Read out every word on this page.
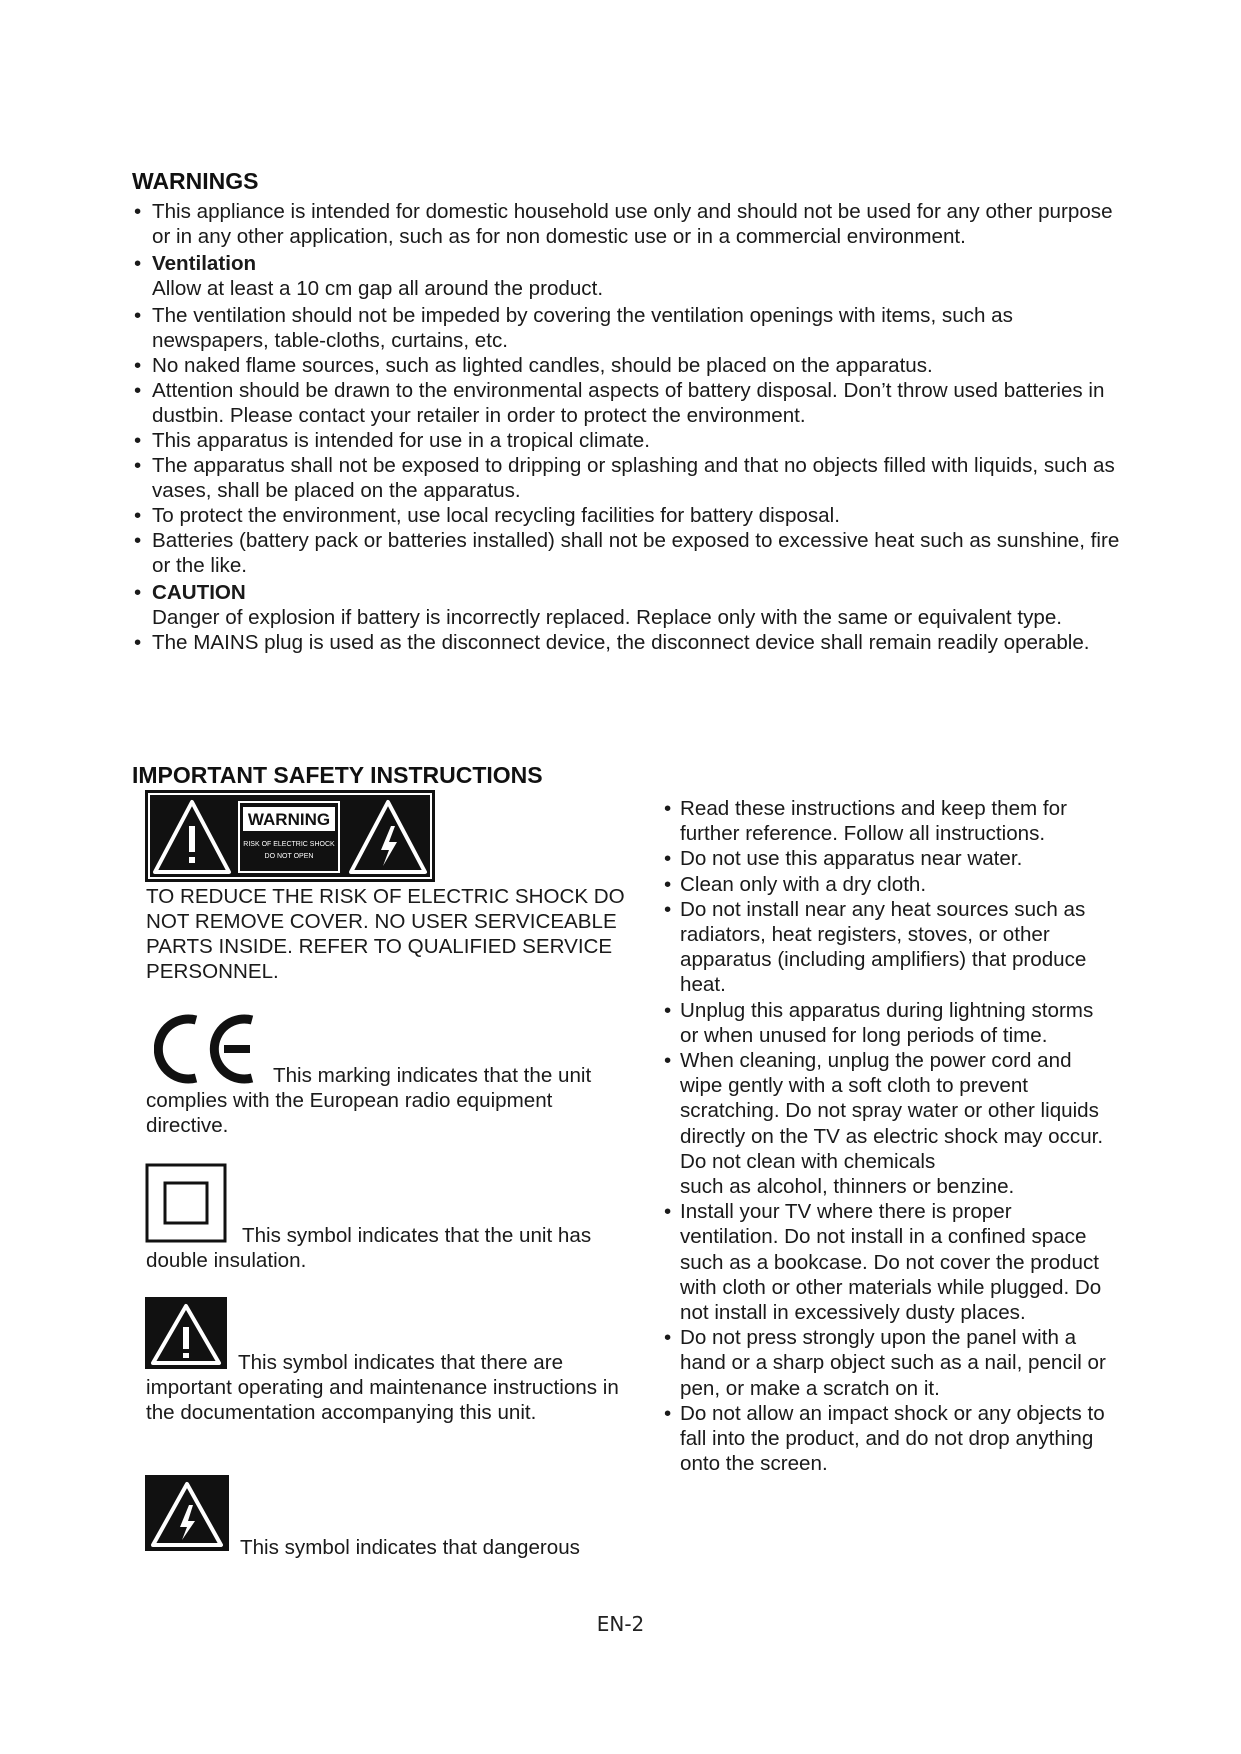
WARNINGS

• This appliance is intended for domestic household use only and should not be used for any other purpose or in any other application, such as for non domestic use or in a commercial environment.

• Ventilation

Allow at least a 10 cm gap all around the product.

• The ventilation should not be impeded by covering the ventilation openings with items, such as newspapers, table-cloths, curtains, etc.

• No naked flame sources, such as lighted candles, should be placed on the apparatus.

• Attention should be drawn to the environmental aspects of battery disposal. Don’t throw used batteries in dustbin. Please contact your retailer in order to protect the environment.

• This apparatus is intended for use in a tropical climate.

• The apparatus shall not be exposed to dripping or splashing and that no objects filled with liquids, such as vases, shall be placed on the apparatus.

• To protect the environment, use local recycling facilities for battery disposal.

• Batteries (battery pack or batteries installed) shall not be exposed to excessive heat such as sunshine, fire or the like.

• CAUTION

Danger of explosion if battery is incorrectly replaced. Replace only with the same or equivalent type.

• The MAINS plug is used as the disconnect device, the disconnect device shall remain readily operable.

IMPORTANT SAFETY INSTRUCTIONS
WARNING
RISK OF ELECTRIC SHOCK
DO NOT OPEN
TO REDUCE THE RISK OF ELECTRIC SHOCK DO NOT REMOVE COVER. NO USER SERVICEABLE PARTS INSIDE. REFER TO QUALIFIED SERVICE PERSONNEL.
This marking indicates that the unit
complies with the European radio equipment directive.
This symbol indicates that the unit has
double insulation.
This symbol indicates that there are
important operating and maintenance instructions in the documentation accompanying this unit.
This symbol indicates that dangerous

• Read these instructions and keep them for further reference. Follow all instructions.

• Do not use this apparatus near water.

• Clean only with a dry cloth.

• Do not install near any heat sources such as radiators, heat registers, stoves, or other apparatus (including amplifiers) that produce heat.

• Unplug this apparatus during lightning storms or when unused for long periods of time.

• When cleaning, unplug the power cord and wipe gently with a soft cloth to prevent scratching. Do not spray water or other liquids directly on the TV as electric shock may occur. Do not clean with chemicals
such as alcohol, thinners or benzine.

• Install your TV where there is proper ventilation. Do not install in a confined space such as a bookcase. Do not cover the product with cloth or other materials while plugged. Do not install in excessively dusty places.

• Do not press strongly upon the panel with a hand or a sharp object such as a nail, pencil or pen, or make a scratch on it.

• Do not allow an impact shock or any objects to fall into the product, and do not drop anything onto the screen.

EN-2
